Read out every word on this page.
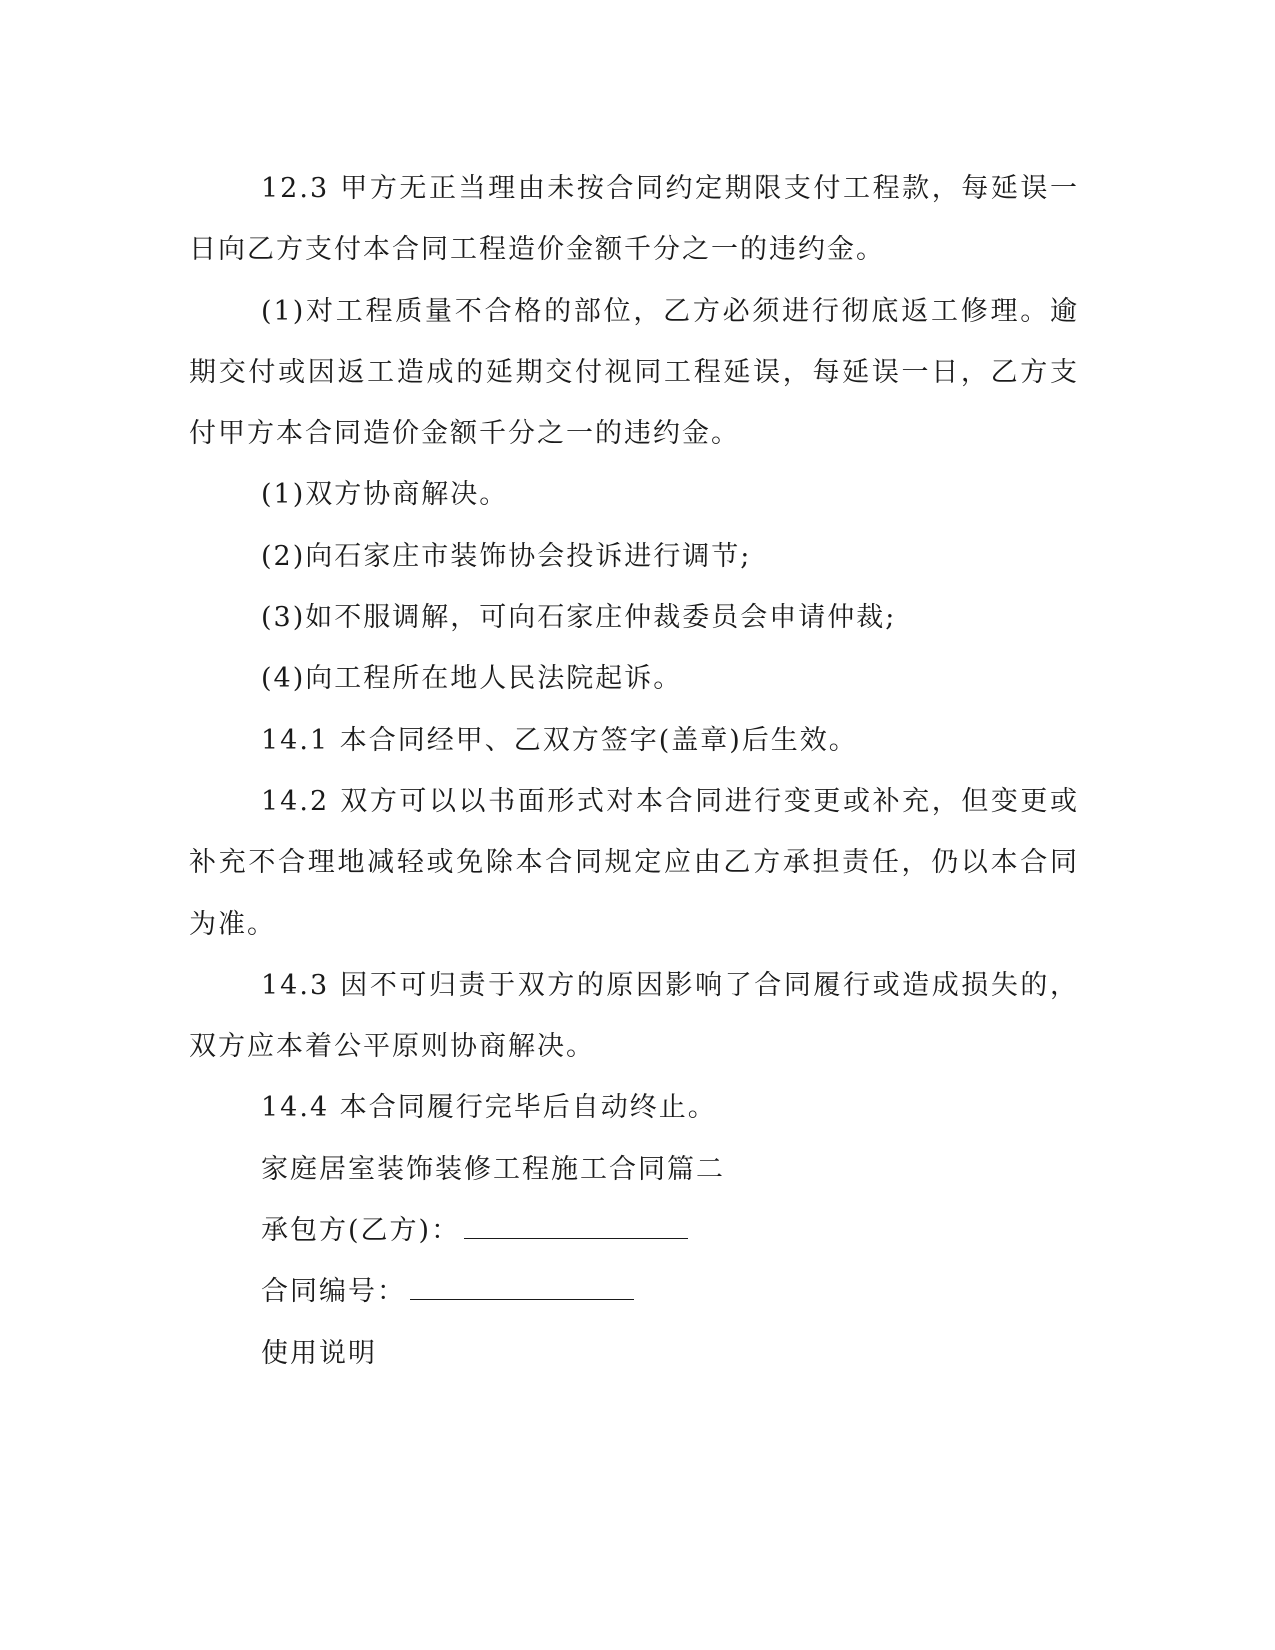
12.3 甲方无正当理由未按合同约定期限支付工程款，每延误一日向乙方支付本合同工程造价金额千分之一的违约金。

(1)对工程质量不合格的部位，乙方必须进行彻底返工修理。逾期交付或因返工造成的延期交付视同工程延误，每延误一日，乙方支付甲方本合同造价金额千分之一的违约金。

(1)双方协商解决。

(2)向石家庄市装饰协会投诉进行调节;

(3)如不服调解，可向石家庄仲裁委员会申请仲裁;

(4)向工程所在地人民法院起诉。

14.1 本合同经甲、乙双方签字(盖章)后生效。

14.2 双方可以以书面形式对本合同进行变更或补充，但变更或补充不合理地减轻或免除本合同规定应由乙方承担责任，仍以本合同为准。

14.3 因不可归责于双方的原因影响了合同履行或造成损失的，双方应本着公平原则协商解决。

14.4 本合同履行完毕后自动终止。

家庭居室装饰装修工程施工合同篇二

承包方(乙方)：

合同编号：

使用说明
